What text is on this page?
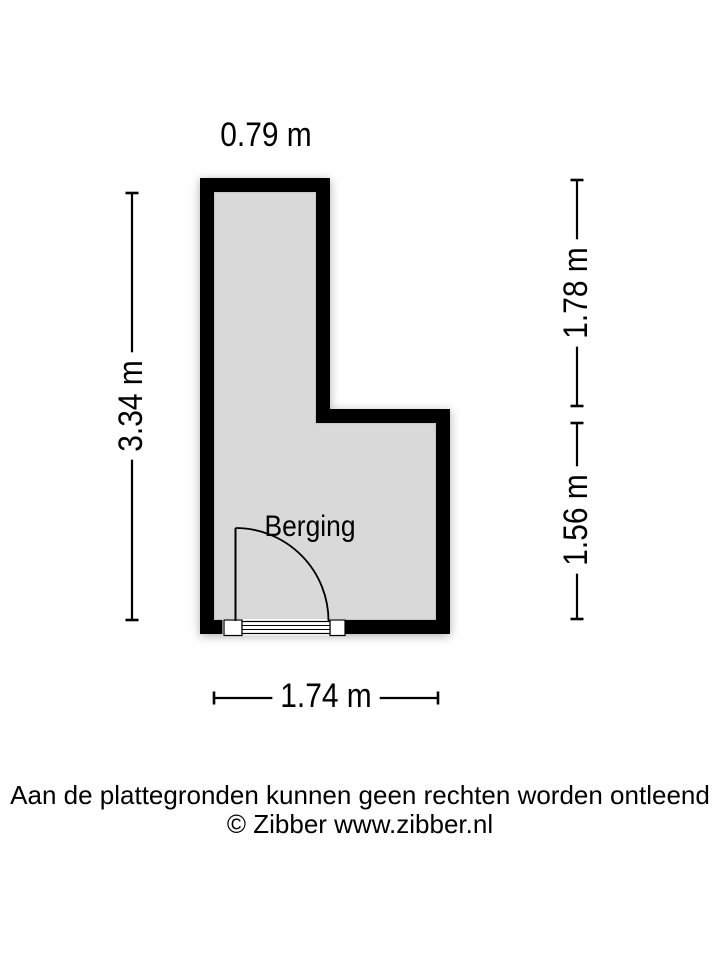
0.79 m
3.34 m
1.78 m
1.56 m
1.74 m
Berging
Aan de plattegronden kunnen geen rechten worden ontleend
© Zibber www.zibber.nl
